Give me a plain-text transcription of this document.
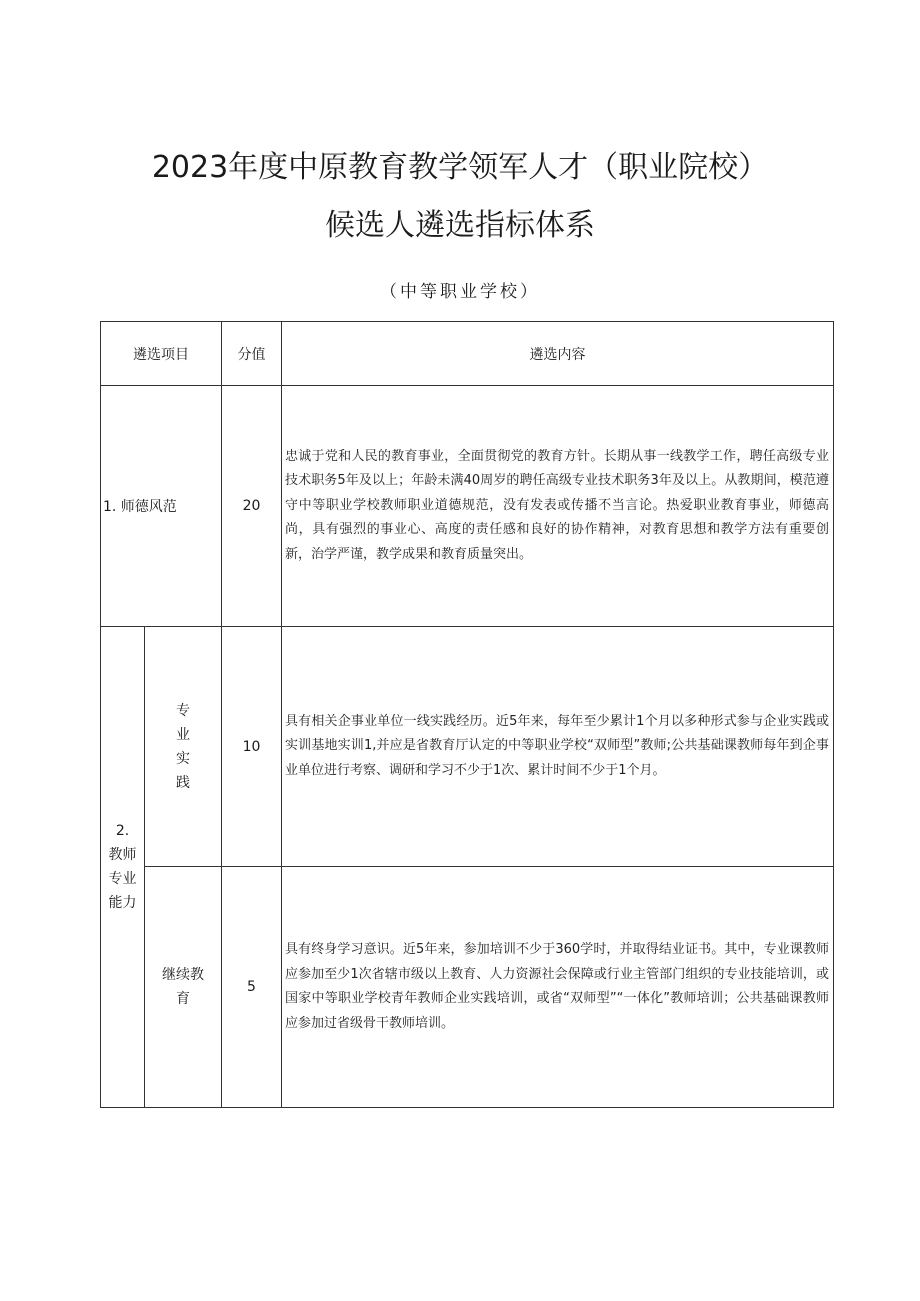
2023年度中原教育教学领军人才（职业院校）
候选人遴选指标体系
（中等职业学校）
遴选项目		分值	遴选内容
1. 师德风范		20	忠诚于党和人民的教育事业，全面贯彻党的教育方针。长期从事一线教学工作，聘任高级专业技术职务5年及以上；年龄未满40周岁的聘任高级专业技术职务3年及以上。从教期间，模范遵守中等职业学校教师职业道德规范，没有发表或传播不当言论。热爱职业教育事业，师德高尚，具有强烈的事业心、高度的责任感和良好的协作精神，对教育思想和教学方法有重要创新，治学严谨，教学成果和教育质量突出。
2. 教师专业能力	专业实践	10	具有相关企事业单位一线实践经历。近5年来，每年至少累计1个月以多种形式参与企业实践或实训基地实训1,并应是省教育厅认定的中等职业学校“双师型”教师;公共基础课教师每年到企事业单位进行考察、调研和学习不少于1次、累计时间不少于1个月。

	继续教育	5	具有终身学习意识。近5年来，参加培训不少于360学时，并取得结业证书。其中，专业课教师应参加至少1次省辖市级以上教育、人力资源社会保障或行业主管部门组织的专业技能培训，或国家中等职业学校青年教师企业实践培训，或省“双师型”“一体化”教师培训；公共基础课教师应参加过省级骨干教师培训。
